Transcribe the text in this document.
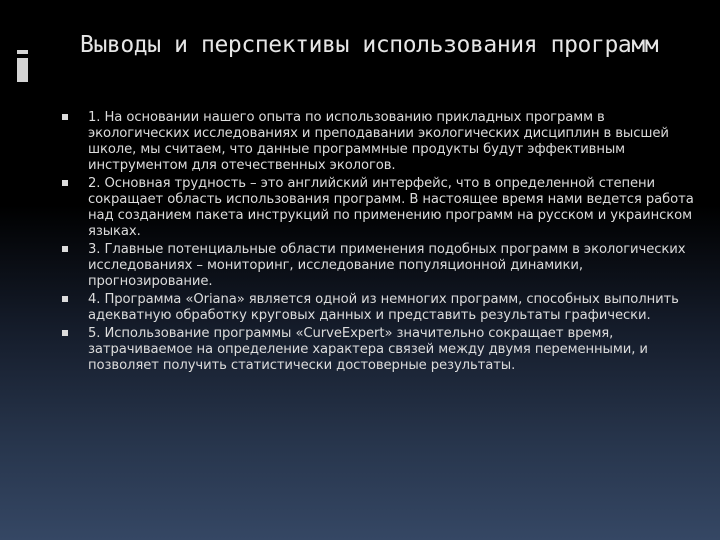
Выводы и перспективы использования программ
1. На основании нашего опыта по использованию прикладных программ в экологических исследованиях и преподавании экологических дисциплин в высшей школе, мы считаем, что данные программные продукты будут эффективным инструментом для отечественных экологов.
2. Основная трудность – это английский интерфейс, что в определенной степени сокращает область использования программ. В настоящее время нами ведется работа над созданием пакета инструкций по применению программ на русском и украинском языках.
3. Главные потенциальные области применения подобных программ в экологических исследованиях – мониторинг, исследование популяционной динамики, прогнозирование.
4. Программа «Oriana» является одной из немногих программ, способных выполнить адекватную обработку круговых данных и представить результаты графически.
5. Использование программы «CurveExpert» значительно сокращает время, затрачиваемое на определение характера связей между двумя переменными, и позволяет получить статистически достоверные результаты.
